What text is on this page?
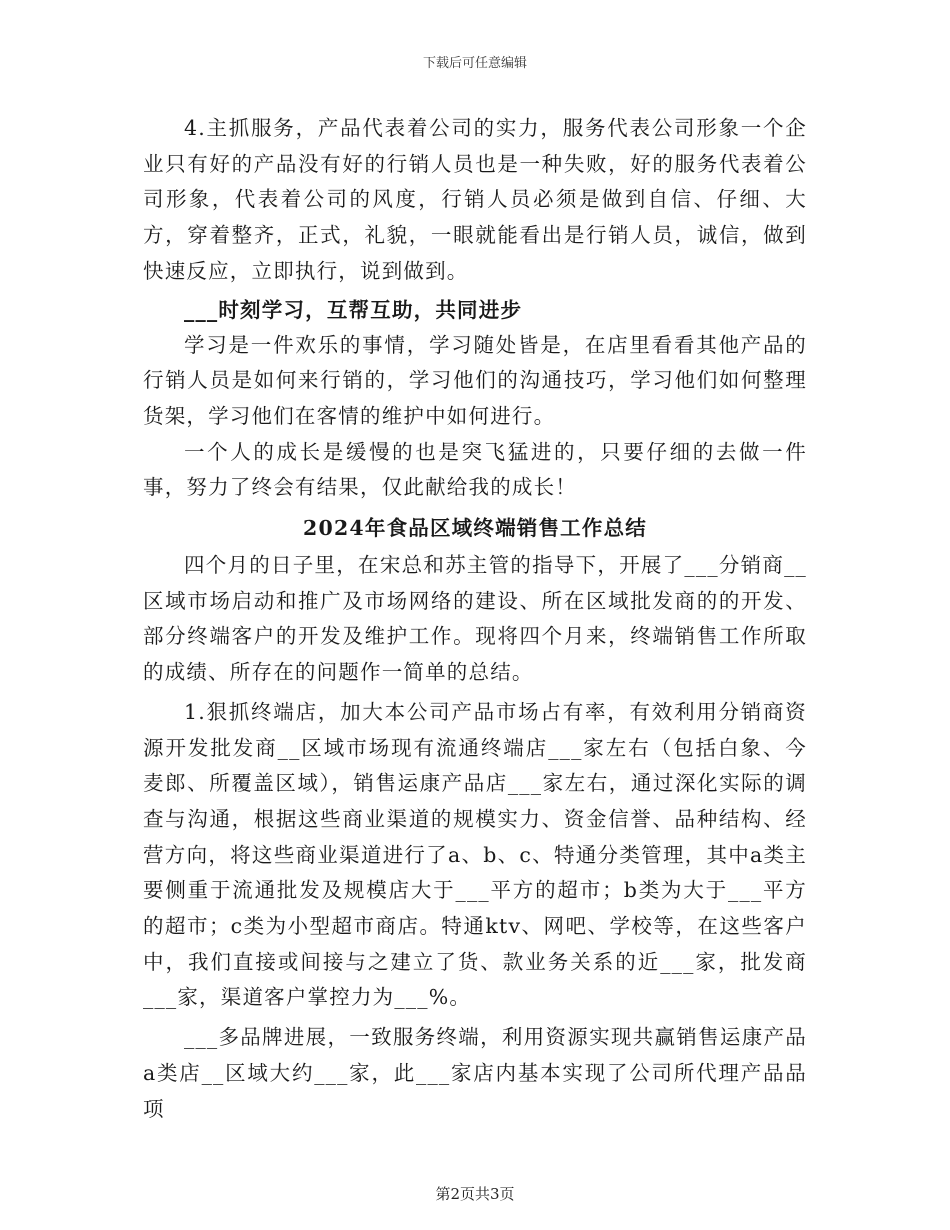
下载后可任意编辑

4.主抓服务，产品代表着公司的实力，服务代表公司形象一个企业只有好的产品没有好的行销人员也是一种失败，好的服务代表着公司形象，代表着公司的风度，行销人员必须是做到自信、仔细、大方，穿着整齐，正式，礼貌，一眼就能看出是行销人员，诚信，做到快速反应，立即执行，说到做到。

___时刻学习，互帮互助，共同进步

学习是一件欢乐的事情，学习随处皆是，在店里看看其他产品的行销人员是如何来行销的，学习他们的沟通技巧，学习他们如何整理货架，学习他们在客情的维护中如何进行。

一个人的成长是缓慢的也是突飞猛进的，只要仔细的去做一件事，努力了终会有结果，仅此献给我的成长！

2024年食品区域终端销售工作总结

四个月的日子里，在宋总和苏主管的指导下，开展了___分销商__区域市场启动和推广及市场网络的建设、所在区域批发商的的开发、部分终端客户的开发及维护工作。现将四个月来，终端销售工作所取的成绩、所存在的问题作一简单的总结。

1.狠抓终端店，加大本公司产品市场占有率，有效利用分销商资源开发批发商__区域市场现有流通终端店___家左右（包括白象、今麦郎、所覆盖区域），销售运康产品店___家左右，通过深化实际的调查与沟通，根据这些商业渠道的规模实力、资金信誉、品种结构、经营方向，将这些商业渠道进行了a、b、c、特通分类管理，其中a类主要侧重于流通批发及规模店大于___平方的超市；b类为大于___平方的超市；c类为小型超市商店。特通ktv、网吧、学校等，在这些客户中，我们直接或间接与之建立了货、款业务关系的近___家，批发商___家，渠道客户掌控力为___%。

___多品牌进展，一致服务终端，利用资源实现共赢销售运康产品a类店__区域大约___家，此___家店内基本实现了公司所代理产品品项

第2页共3页
